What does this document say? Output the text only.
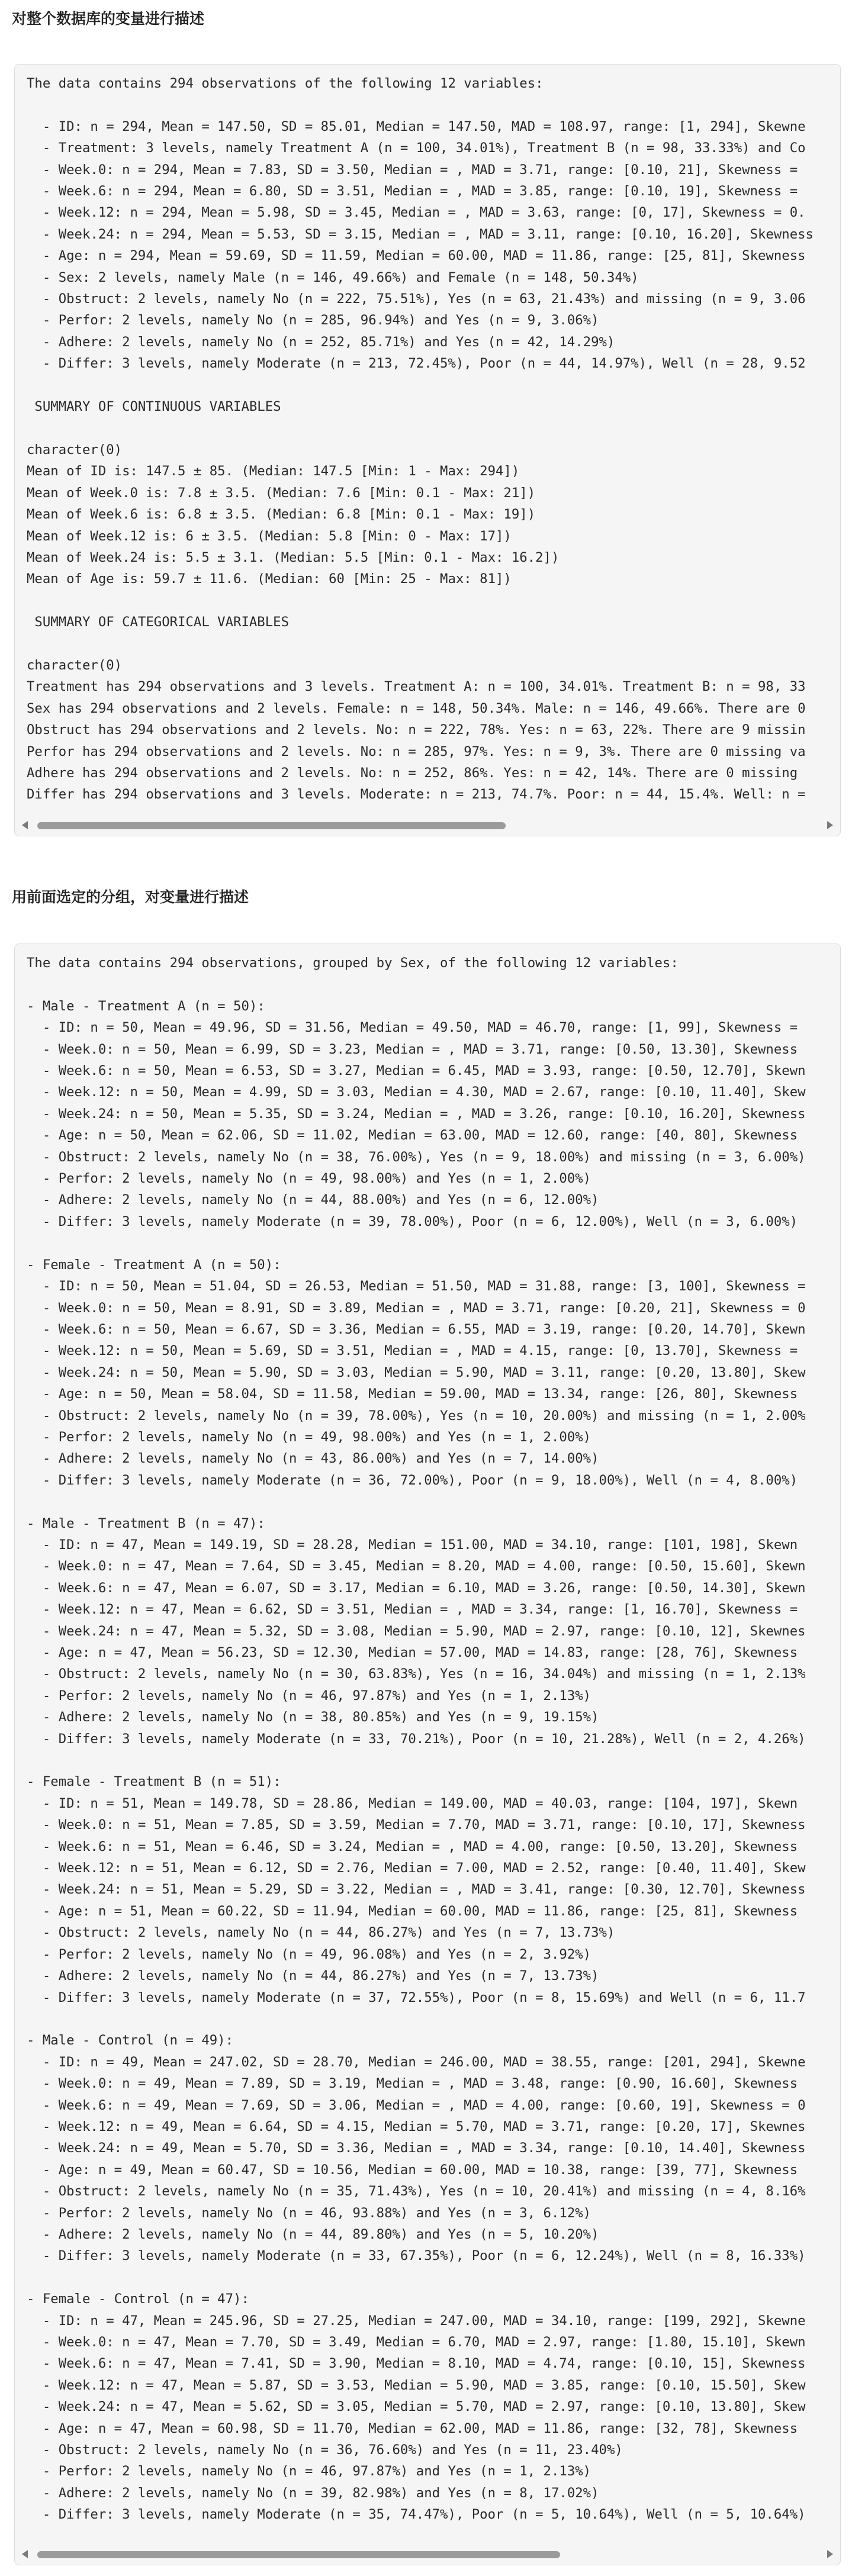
对整个数据库的变量进行描述
The data contains 294 observations of the following 12 variables:

- ID: n = 294, Mean = 147.50, SD = 85.01, Median = 147.50, MAD = 108.97, range: [1, 294], Skewne
- Treatment: 3 levels, namely Treatment A (n = 100, 34.01%), Treatment B (n = 98, 33.33%) and Co
- Week.0: n = 294, Mean = 7.83, SD = 3.50, Median = , MAD = 3.71, range: [0.10, 21], Skewness =
- Week.6: n = 294, Mean = 6.80, SD = 3.51, Median = , MAD = 3.85, range: [0.10, 19], Skewness =
- Week.12: n = 294, Mean = 5.98, SD = 3.45, Median = , MAD = 3.63, range: [0, 17], Skewness = 0.
- Week.24: n = 294, Mean = 5.53, SD = 3.15, Median = , MAD = 3.11, range: [0.10, 16.20], Skewness
- Age: n = 294, Mean = 59.69, SD = 11.59, Median = 60.00, MAD = 11.86, range: [25, 81], Skewness
- Sex: 2 levels, namely Male (n = 146, 49.66%) and Female (n = 148, 50.34%)
- Obstruct: 2 levels, namely No (n = 222, 75.51%), Yes (n = 63, 21.43%) and missing (n = 9, 3.06
- Perfor: 2 levels, namely No (n = 285, 96.94%) and Yes (n = 9, 3.06%)
- Adhere: 2 levels, namely No (n = 252, 85.71%) and Yes (n = 42, 14.29%)
- Differ: 3 levels, namely Moderate (n = 213, 72.45%), Poor (n = 44, 14.97%), Well (n = 28, 9.52

SUMMARY OF CONTINUOUS VARIABLES

character(0)
Mean of ID is: 147.5 ± 85. (Median: 147.5 [Min: 1 - Max: 294])
Mean of Week.0 is: 7.8 ± 3.5. (Median: 7.6 [Min: 0.1 - Max: 21])
Mean of Week.6 is: 6.8 ± 3.5. (Median: 6.8 [Min: 0.1 - Max: 19])
Mean of Week.12 is: 6 ± 3.5. (Median: 5.8 [Min: 0 - Max: 17])
Mean of Week.24 is: 5.5 ± 3.1. (Median: 5.5 [Min: 0.1 - Max: 16.2])
Mean of Age is: 59.7 ± 11.6. (Median: 60 [Min: 25 - Max: 81])

SUMMARY OF CATEGORICAL VARIABLES

character(0)
Treatment has 294 observations and 3 levels. Treatment A: n = 100, 34.01%. Treatment B: n = 98, 33
Sex has 294 observations and 2 levels. Female: n = 148, 50.34%. Male: n = 146, 49.66%. There are 0
Obstruct has 294 observations and 2 levels. No: n = 222, 78%. Yes: n = 63, 22%. There are 9 missin
Perfor has 294 observations and 2 levels. No: n = 285, 97%. Yes: n = 9, 3%. There are 0 missing va
Adhere has 294 observations and 2 levels. No: n = 252, 86%. Yes: n = 42, 14%. There are 0 missing
Differ has 294 observations and 3 levels. Moderate: n = 213, 74.7%. Poor: n = 44, 15.4%. Well: n =
用前面选定的分组，对变量进行描述
The data contains 294 observations, grouped by Sex, of the following 12 variables:

- Male - Treatment A (n = 50):
- ID: n = 50, Mean = 49.96, SD = 31.56, Median = 49.50, MAD = 46.70, range: [1, 99], Skewness =
- Week.0: n = 50, Mean = 6.99, SD = 3.23, Median = , MAD = 3.71, range: [0.50, 13.30], Skewness
- Week.6: n = 50, Mean = 6.53, SD = 3.27, Median = 6.45, MAD = 3.93, range: [0.50, 12.70], Skewn
- Week.12: n = 50, Mean = 4.99, SD = 3.03, Median = 4.30, MAD = 2.67, range: [0.10, 11.40], Skew
- Week.24: n = 50, Mean = 5.35, SD = 3.24, Median = , MAD = 3.26, range: [0.10, 16.20], Skewness
- Age: n = 50, Mean = 62.06, SD = 11.02, Median = 63.00, MAD = 12.60, range: [40, 80], Skewness
- Obstruct: 2 levels, namely No (n = 38, 76.00%), Yes (n = 9, 18.00%) and missing (n = 3, 6.00%)
- Perfor: 2 levels, namely No (n = 49, 98.00%) and Yes (n = 1, 2.00%)
- Adhere: 2 levels, namely No (n = 44, 88.00%) and Yes (n = 6, 12.00%)
- Differ: 3 levels, namely Moderate (n = 39, 78.00%), Poor (n = 6, 12.00%), Well (n = 3, 6.00%)

- Female - Treatment A (n = 50):
- ID: n = 50, Mean = 51.04, SD = 26.53, Median = 51.50, MAD = 31.88, range: [3, 100], Skewness =
- Week.0: n = 50, Mean = 8.91, SD = 3.89, Median = , MAD = 3.71, range: [0.20, 21], Skewness = 0
- Week.6: n = 50, Mean = 6.67, SD = 3.36, Median = 6.55, MAD = 3.19, range: [0.20, 14.70], Skewn
- Week.12: n = 50, Mean = 5.69, SD = 3.51, Median = , MAD = 4.15, range: [0, 13.70], Skewness =
- Week.24: n = 50, Mean = 5.90, SD = 3.03, Median = 5.90, MAD = 3.11, range: [0.20, 13.80], Skew
- Age: n = 50, Mean = 58.04, SD = 11.58, Median = 59.00, MAD = 13.34, range: [26, 80], Skewness
- Obstruct: 2 levels, namely No (n = 39, 78.00%), Yes (n = 10, 20.00%) and missing (n = 1, 2.00%
- Perfor: 2 levels, namely No (n = 49, 98.00%) and Yes (n = 1, 2.00%)
- Adhere: 2 levels, namely No (n = 43, 86.00%) and Yes (n = 7, 14.00%)
- Differ: 3 levels, namely Moderate (n = 36, 72.00%), Poor (n = 9, 18.00%), Well (n = 4, 8.00%)

- Male - Treatment B (n = 47):
- ID: n = 47, Mean = 149.19, SD = 28.28, Median = 151.00, MAD = 34.10, range: [101, 198], Skewn
- Week.0: n = 47, Mean = 7.64, SD = 3.45, Median = 8.20, MAD = 4.00, range: [0.50, 15.60], Skewn
- Week.6: n = 47, Mean = 6.07, SD = 3.17, Median = 6.10, MAD = 3.26, range: [0.50, 14.30], Skewn
- Week.12: n = 47, Mean = 6.62, SD = 3.51, Median = , MAD = 3.34, range: [1, 16.70], Skewness =
- Week.24: n = 47, Mean = 5.32, SD = 3.08, Median = 5.90, MAD = 2.97, range: [0.10, 12], Skewnes
- Age: n = 47, Mean = 56.23, SD = 12.30, Median = 57.00, MAD = 14.83, range: [28, 76], Skewness
- Obstruct: 2 levels, namely No (n = 30, 63.83%), Yes (n = 16, 34.04%) and missing (n = 1, 2.13%
- Perfor: 2 levels, namely No (n = 46, 97.87%) and Yes (n = 1, 2.13%)
- Adhere: 2 levels, namely No (n = 38, 80.85%) and Yes (n = 9, 19.15%)
- Differ: 3 levels, namely Moderate (n = 33, 70.21%), Poor (n = 10, 21.28%), Well (n = 2, 4.26%)

- Female - Treatment B (n = 51):
- ID: n = 51, Mean = 149.78, SD = 28.86, Median = 149.00, MAD = 40.03, range: [104, 197], Skewn
- Week.0: n = 51, Mean = 7.85, SD = 3.59, Median = 7.70, MAD = 3.71, range: [0.10, 17], Skewness
- Week.6: n = 51, Mean = 6.46, SD = 3.24, Median = , MAD = 4.00, range: [0.50, 13.20], Skewness
- Week.12: n = 51, Mean = 6.12, SD = 2.76, Median = 7.00, MAD = 2.52, range: [0.40, 11.40], Skew
- Week.24: n = 51, Mean = 5.29, SD = 3.22, Median = , MAD = 3.41, range: [0.30, 12.70], Skewness
- Age: n = 51, Mean = 60.22, SD = 11.94, Median = 60.00, MAD = 11.86, range: [25, 81], Skewness
- Obstruct: 2 levels, namely No (n = 44, 86.27%) and Yes (n = 7, 13.73%)
- Perfor: 2 levels, namely No (n = 49, 96.08%) and Yes (n = 2, 3.92%)
- Adhere: 2 levels, namely No (n = 44, 86.27%) and Yes (n = 7, 13.73%)
- Differ: 3 levels, namely Moderate (n = 37, 72.55%), Poor (n = 8, 15.69%) and Well (n = 6, 11.7

- Male - Control (n = 49):
- ID: n = 49, Mean = 247.02, SD = 28.70, Median = 246.00, MAD = 38.55, range: [201, 294], Skewne
- Week.0: n = 49, Mean = 7.89, SD = 3.19, Median = , MAD = 3.48, range: [0.90, 16.60], Skewness
- Week.6: n = 49, Mean = 7.69, SD = 3.06, Median = , MAD = 4.00, range: [0.60, 19], Skewness = 0
- Week.12: n = 49, Mean = 6.64, SD = 4.15, Median = 5.70, MAD = 3.71, range: [0.20, 17], Skewnes
- Week.24: n = 49, Mean = 5.70, SD = 3.36, Median = , MAD = 3.34, range: [0.10, 14.40], Skewness
- Age: n = 49, Mean = 60.47, SD = 10.56, Median = 60.00, MAD = 10.38, range: [39, 77], Skewness
- Obstruct: 2 levels, namely No (n = 35, 71.43%), Yes (n = 10, 20.41%) and missing (n = 4, 8.16%
- Perfor: 2 levels, namely No (n = 46, 93.88%) and Yes (n = 3, 6.12%)
- Adhere: 2 levels, namely No (n = 44, 89.80%) and Yes (n = 5, 10.20%)
- Differ: 3 levels, namely Moderate (n = 33, 67.35%), Poor (n = 6, 12.24%), Well (n = 8, 16.33%)

- Female - Control (n = 47):
- ID: n = 47, Mean = 245.96, SD = 27.25, Median = 247.00, MAD = 34.10, range: [199, 292], Skewne
- Week.0: n = 47, Mean = 7.70, SD = 3.49, Median = 6.70, MAD = 2.97, range: [1.80, 15.10], Skewn
- Week.6: n = 47, Mean = 7.41, SD = 3.90, Median = 8.10, MAD = 4.74, range: [0.10, 15], Skewness
- Week.12: n = 47, Mean = 5.87, SD = 3.53, Median = 5.90, MAD = 3.85, range: [0.10, 15.50], Skew
- Week.24: n = 47, Mean = 5.62, SD = 3.05, Median = 5.70, MAD = 2.97, range: [0.10, 13.80], Skew
- Age: n = 47, Mean = 60.98, SD = 11.70, Median = 62.00, MAD = 11.86, range: [32, 78], Skewness
- Obstruct: 2 levels, namely No (n = 36, 76.60%) and Yes (n = 11, 23.40%)
- Perfor: 2 levels, namely No (n = 46, 97.87%) and Yes (n = 1, 2.13%)
- Adhere: 2 levels, namely No (n = 39, 82.98%) and Yes (n = 8, 17.02%)
- Differ: 3 levels, namely Moderate (n = 35, 74.47%), Poor (n = 5, 10.64%), Well (n = 5, 10.64%)
